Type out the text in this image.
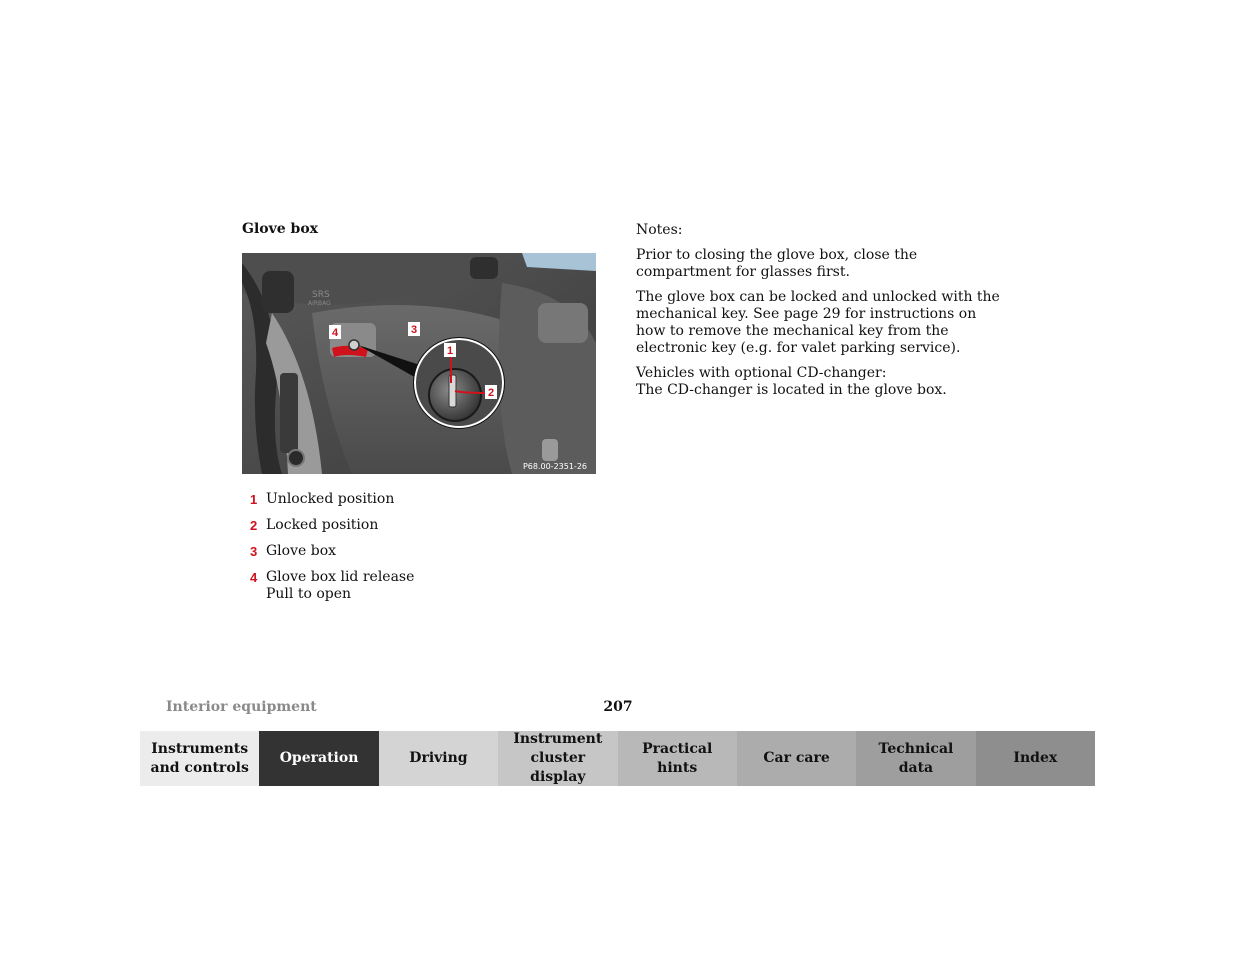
Glove box
SRS
AIRBAG
4	3
1
2
P68.00-2351-26
1 Unlocked position
2 Locked position
3 Glove box
4 Glove box lid release
Pull to open

Notes:

Prior to closing the glove box, close the compartment for glasses first.

The glove box can be locked and unlocked with the mechanical key. See page 29 for instructions on how to remove the mechanical key from the electronic key (e.g. for valet parking service).

Vehicles with optional CD-changer:

The CD-changer is located in the glove box.

Interior equipment	207
Instruments
and controls
Operation	Driving
Instrument
cluster display
Practical hints
Car care
Technical
data
Index
